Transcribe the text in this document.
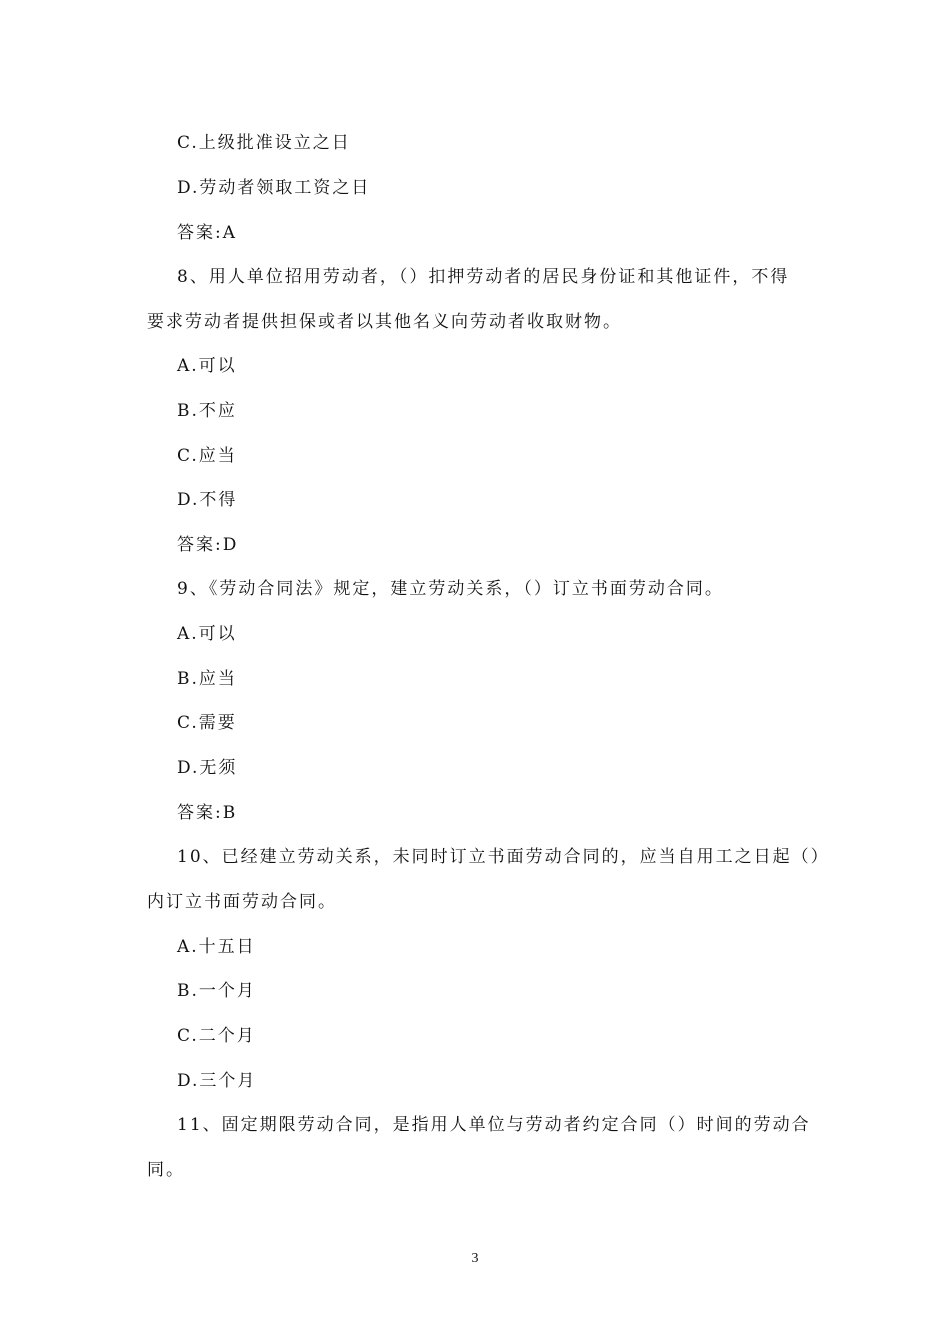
C.上级批准设立之日
D.劳动者领取工资之日
答案:A
8、用人单位招用劳动者，（）扣押劳动者的居民身份证和其他证件，不得
要求劳动者提供担保或者以其他名义向劳动者收取财物。
A.可以
B.不应
C.应当
D.不得
答案:D
9、《劳动合同法》规定，建立劳动关系，（）订立书面劳动合同。
A.可以
B.应当
C.需要
D.无须
答案:B
10、已经建立劳动关系，未同时订立书面劳动合同的，应当自用工之日起（）
内订立书面劳动合同。
A.十五日
B.一个月
C.二个月
D.三个月
11、固定期限劳动合同，是指用人单位与劳动者约定合同（）时间的劳动合
同。
3
